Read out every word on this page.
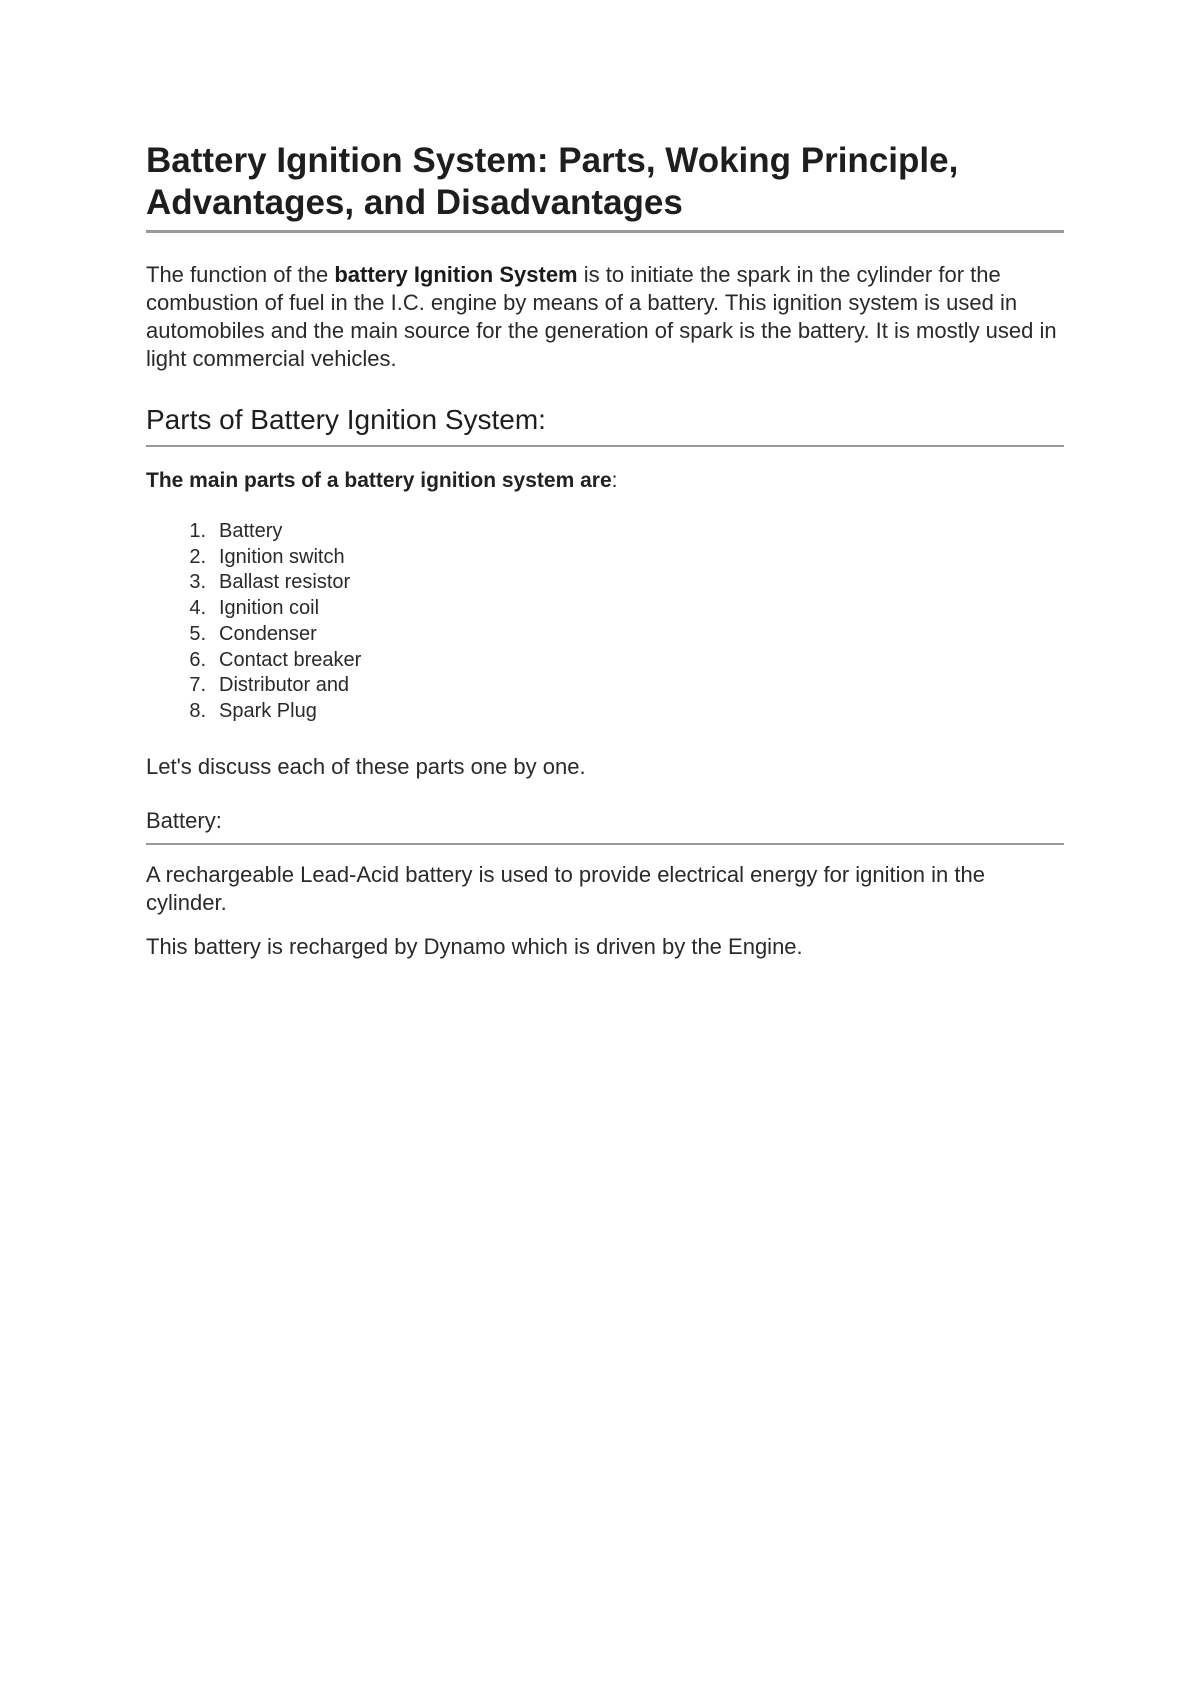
Battery Ignition System: Parts, Woking Principle, Advantages, and Disadvantages

The function of the battery Ignition System is to initiate the spark in the cylinder for the combustion of fuel in the I.C. engine by means of a battery. This ignition system is used in automobiles and the main source for the generation of spark is the battery. It is mostly used in light commercial vehicles.

Parts of Battery Ignition System:

The main parts of a battery ignition system are:

1 . Battery
2 . Ignition switch
3 . Ballast resistor
4 . Ignition coil
5 . Condenser
6 . Contact breaker
7 . Distributor and
8 . Spark Plug

Let's discuss each of these parts one by one.

Battery:

A rechargeable Lead-Acid battery is used to provide electrical energy for ignition in the cylinder.

This battery is recharged by Dynamo which is driven by the Engine.
